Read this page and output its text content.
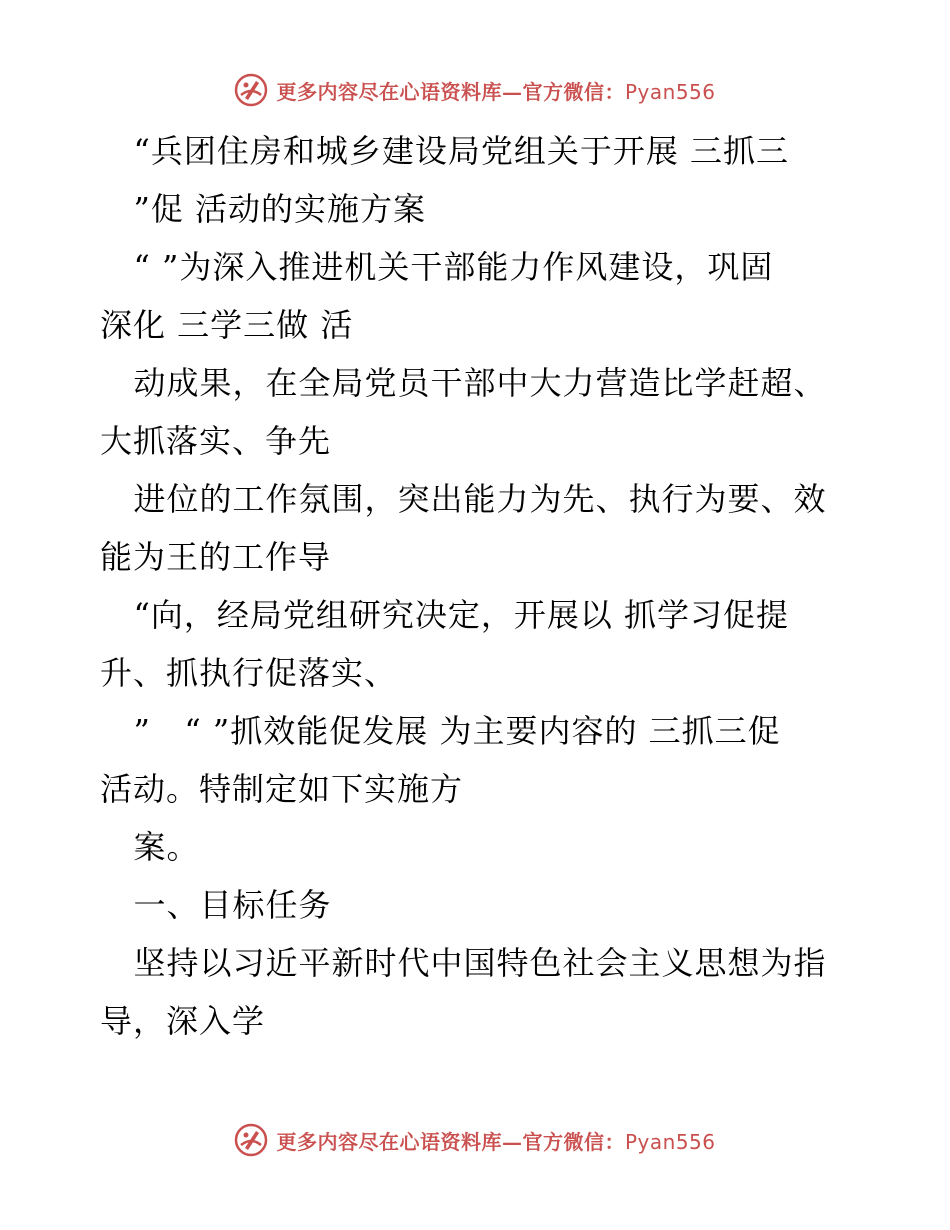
更多内容尽在心语资料库—官方微信：Pyan556
“兵团住房和城乡建设局党组关于开展 三抓三
”促 活动的实施方案
“ ”为深入推进机关干部能力作风建设，巩固
深化 三学三做 活
动成果，在全局党员干部中大力营造比学赶超、
大抓落实、争先
进位的工作氛围，突出能力为先、执行为要、效
能为王的工作导
“向，经局党组研究决定，开展以 抓学习促提
升、抓执行促落实、
”   “ ”抓效能促发展 为主要内容的 三抓三促
活动。特制定如下实施方
案。
一、目标任务
坚持以习近平新时代中国特色社会主义思想为指
导，深入学
更多内容尽在心语资料库—官方微信：Pyan556
